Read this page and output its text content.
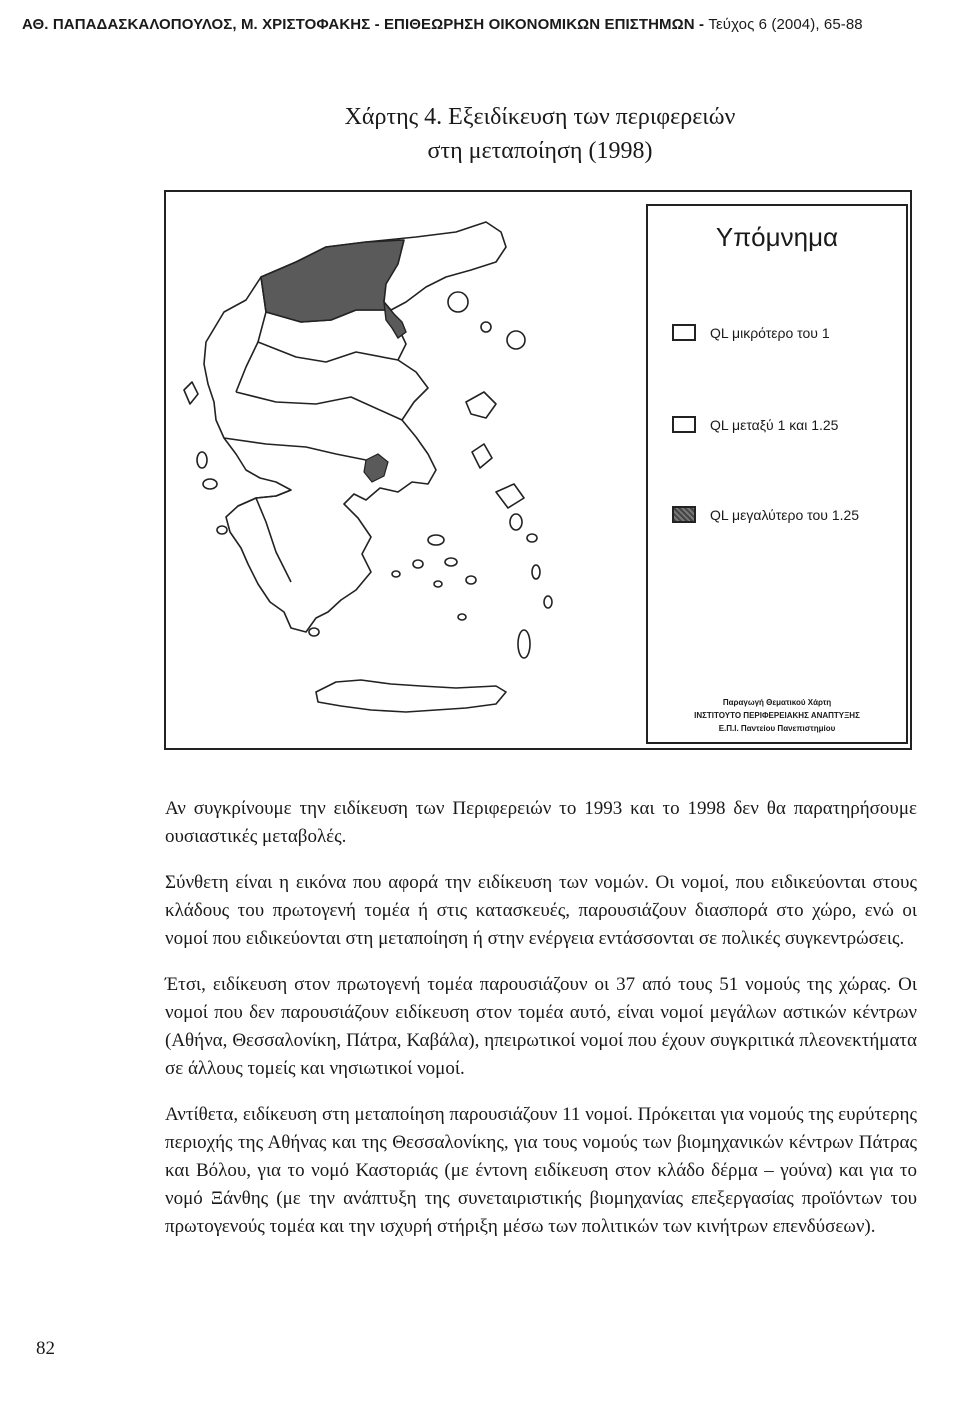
ΑΘ. ΠΑΠΑΔΑΣΚΑΛΟΠΟΥΛΟΣ, Μ. ΧΡΙΣΤΟΦΑΚΗΣ - ΕΠΙΘΕΩΡΗΣΗ ΟΙΚΟΝΟΜΙΚΩΝ ΕΠΙΣΤΗΜΩΝ - Τεύχος 6 (2004), 65-88
Χάρτης 4. Εξειδίκευση των περιφερειών
στη μεταποίηση (1998)
Υπόμνημα
QL μικρότερο του 1
QL μεταξύ 1 και 1.25
QL μεγαλύτερο του 1.25
Παραγωγή Θεματικού Χάρτη
ΙΝΣΤΙΤΟΥΤΟ ΠΕΡΙΦΕΡΕΙΑΚΗΣ ΑΝΑΠΤΥΞΗΣ
Ε.Π.Ι. Παντείου Πανεπιστημίου

Αν συγκρίνουμε την ειδίκευση των Περιφερειών το 1993 και το 1998 δεν θα παρατηρήσουμε ουσιαστικές μεταβολές.

Σύνθετη είναι η εικόνα που αφορά την ειδίκευση των νομών. Οι νομοί, που ειδικεύονται στους κλάδους του πρωτογενή τομέα ή στις κατασκευές, παρουσιάζουν διασπορά στο χώρο, ενώ οι νομοί που ειδικεύονται στη μεταποίηση ή στην ενέργεια εντάσσονται σε πολικές συγκεντρώσεις.

Έτσι, ειδίκευση στον πρωτογενή τομέα παρουσιάζουν οι 37 από τους 51 νομούς της χώρας. Οι νομοί που δεν παρουσιάζουν ειδίκευση στον τομέα αυτό, είναι νομοί μεγάλων αστικών κέντρων (Αθήνα, Θεσσαλονίκη, Πάτρα, Καβάλα), ηπειρωτικοί νομοί που έχουν συγκριτικά πλεονεκτήματα σε άλλους τομείς και νησιωτικοί νομοί.

Αντίθετα, ειδίκευση στη μεταποίηση παρουσιάζουν 11 νομοί. Πρόκειται για νομούς της ευρύτερης περιοχής της Αθήνας και της Θεσσαλονίκης, για τους νομούς των βιομηχανικών κέντρων Πάτρας και Βόλου, για το νομό Καστοριάς (με έντονη ειδίκευση στον κλάδο δέρμα – γούνα) και για το νομό Ξάνθης (με την ανάπτυξη της συνεταιριστικής βιομηχανίας επεξεργασίας προϊόντων του πρωτογενούς τομέα και την ισχυρή στήριξη μέσω των πολιτικών των κινήτρων επενδύσεων).

82
